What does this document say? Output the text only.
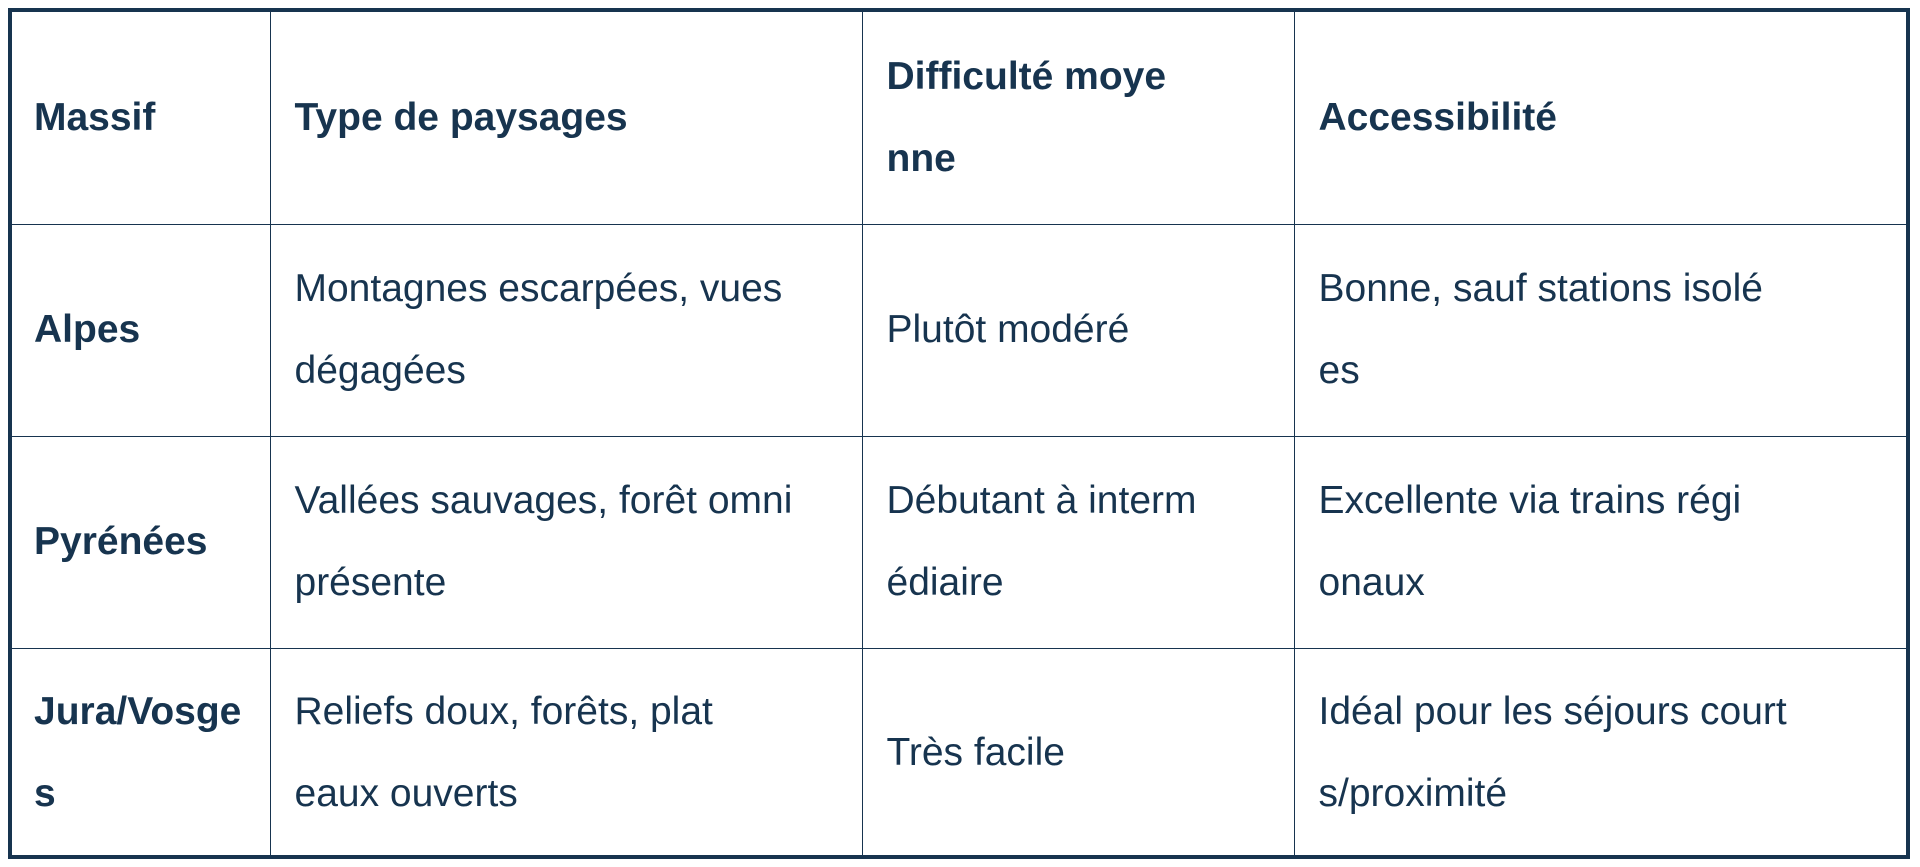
Massif	Type de paysages	Difficulté moyenne	Accessibilité
Alpes	Montagnes escarpées, vues dégagées	Plutôt modéré	Bonne, sauf stations isolées
Pyrénées	Vallées sauvages, forêt omniprésente	Débutant à intermédiaire	Excellente via trains régionaux
Jura/Vosges	Reliefs doux, forêts, plateaux ouverts	Très facile	Idéal pour les séjours courts/proximité
